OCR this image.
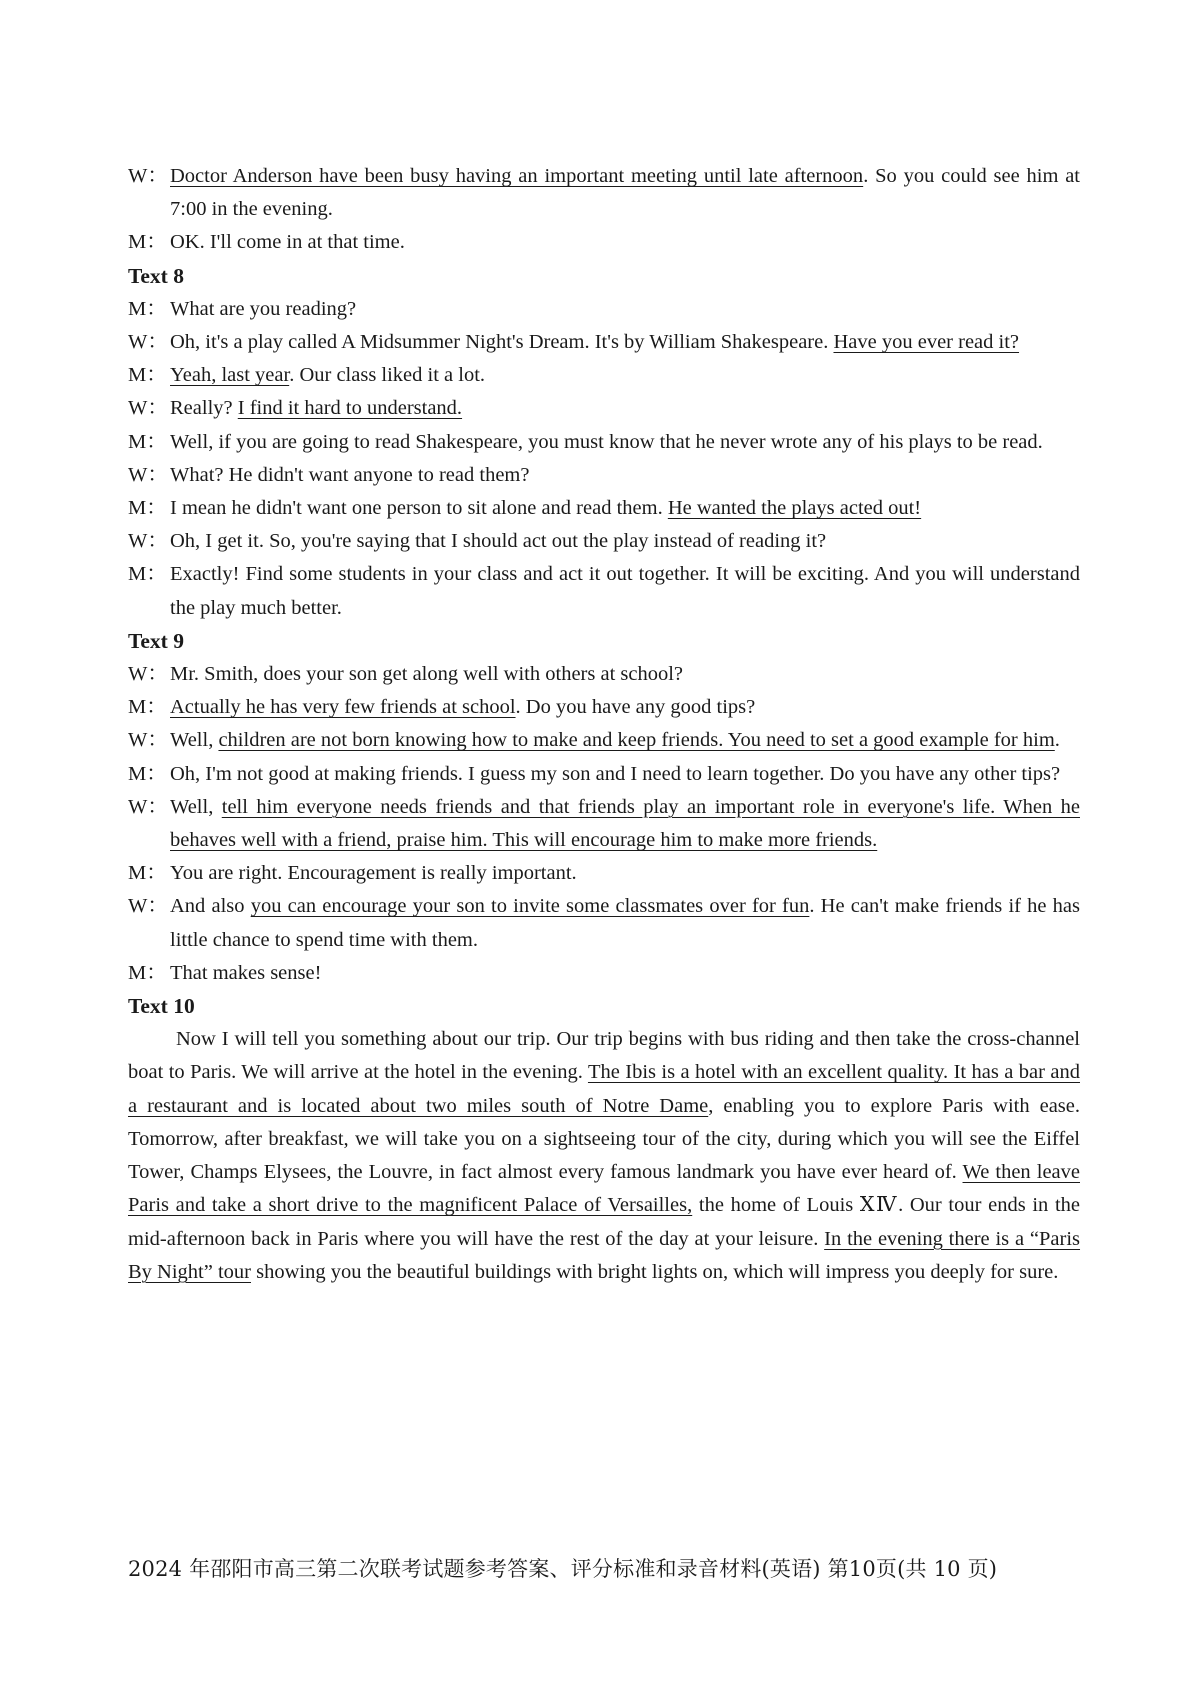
W： Doctor Anderson have been busy having an important meeting until late afternoon. So you could see him at 7:00 in the evening.

M： OK. I'll come in at that time.

Text 8

M： What are you reading?

W： Oh, it's a play called A Midsummer Night's Dream. It's by William Shakespeare. Have you ever read it?

M： Yeah, last year. Our class liked it a lot.

W： Really? I find it hard to understand.

M： Well, if you are going to read Shakespeare, you must know that he never wrote any of his plays to be read.

W： What? He didn't want anyone to read them?

M： I mean he didn't want one person to sit alone and read them. He wanted the plays acted out!

W： Oh, I get it. So, you're saying that I should act out the play instead of reading it?

M： Exactly! Find some students in your class and act it out together. It will be exciting. And you will understand the play much better.

Text 9

W： Mr. Smith, does your son get along well with others at school?

M： Actually he has very few friends at school. Do you have any good tips?

W： Well, children are not born knowing how to make and keep friends. You need to set a good example for him.

M： Oh, I'm not good at making friends. I guess my son and I need to learn together. Do you have any other tips?

W： Well, tell him everyone needs friends and that friends play an important role in everyone's life. When he behaves well with a friend, praise him. This will encourage him to make more friends.

M： You are right. Encouragement is really important.

W： And also you can encourage your son to invite some classmates over for fun. He can't make friends if he has little chance to spend time with them.

M： That makes sense!

Text 10

Now I will tell you something about our trip. Our trip begins with bus riding and then take the cross-channel boat to Paris. We will arrive at the hotel in the evening. The Ibis is a hotel with an excellent quality. It has a bar and a restaurant and is located about two miles south of Notre Dame, enabling you to explore Paris with ease. Tomorrow, after breakfast, we will take you on a sightseeing tour of the city, during which you will see the Eiffel Tower, Champs Elysees, the Louvre, in fact almost every famous landmark you have ever heard of. We then leave Paris and take a short drive to the magnificent Palace of Versailles, the home of Louis ⅩⅣ. Our tour ends in the mid-afternoon back in Paris where you will have the rest of the day at your leisure. In the evening there is a “Paris By Night” tour showing you the beautiful buildings with bright lights on, which will impress you deeply for sure.

2024 年邵阳市高三第二次联考试题参考答案、评分标准和录音材料(英语) 第10页(共 10 页)
